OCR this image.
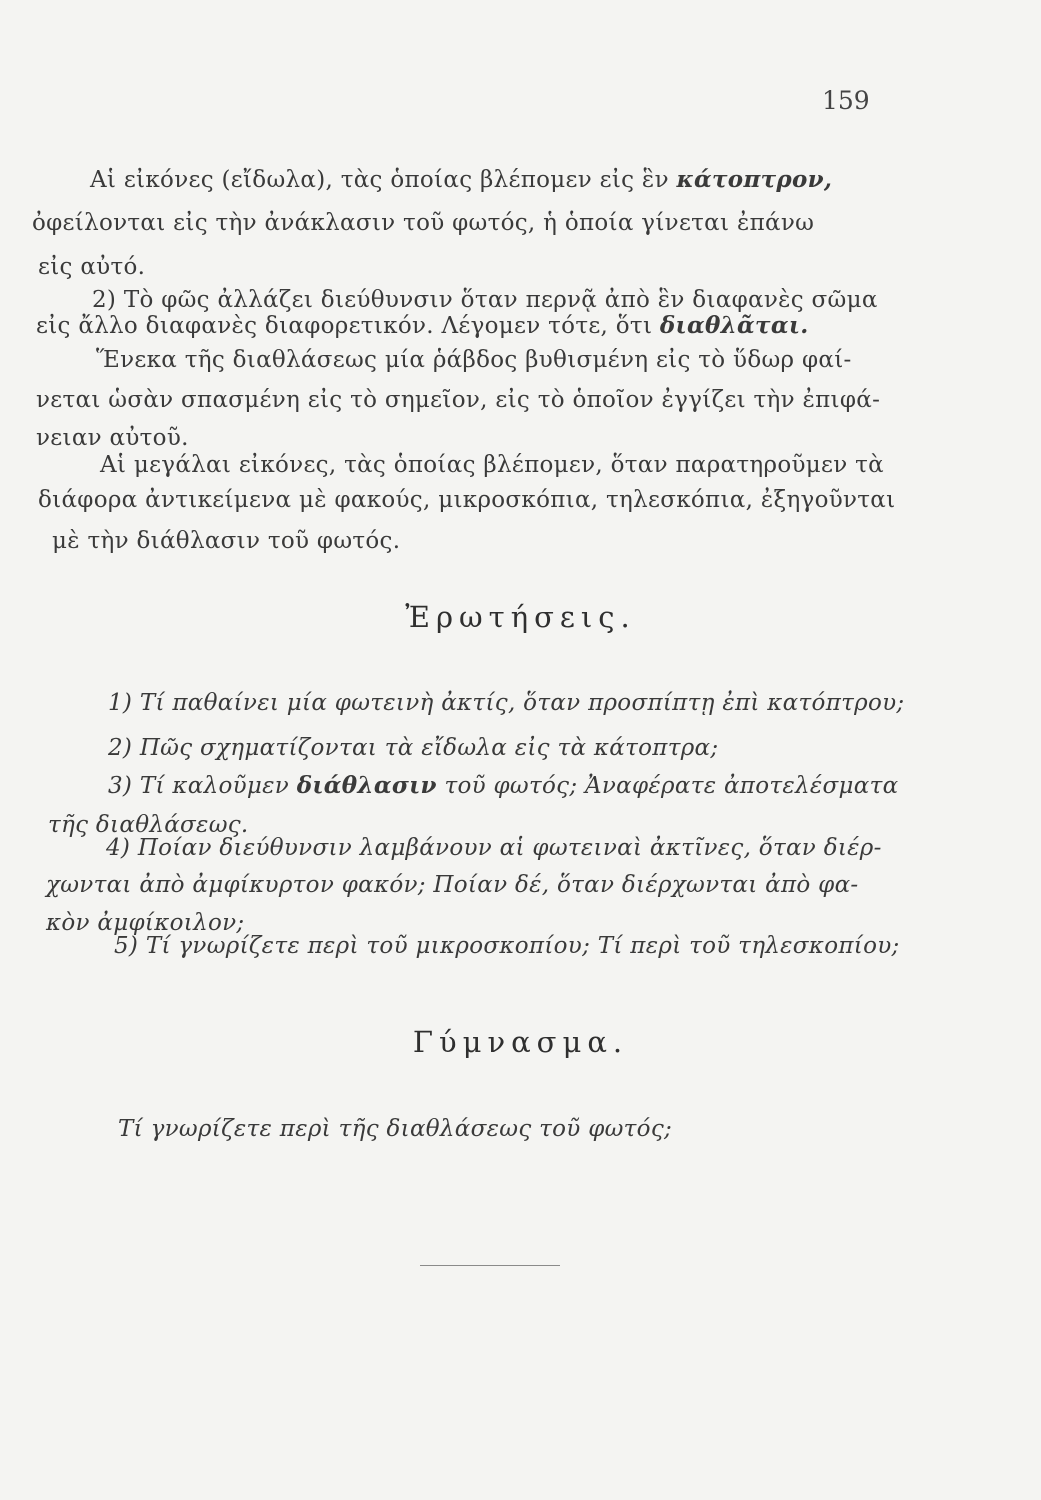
159
Αἱ εἰκόνες (εἴδωλα), τὰς ὁποίας βλέπομεν εἰς ἓν κάτοπτρον,
ὀφείλονται εἰς τὴν ἀνάκλασιν τοῦ φωτός, ἡ ὁποία γίνεται ἐπάνω
εἰς αὐτό.
2) Τὸ φῶς ἀλλάζει διεύθυνσιν ὅταν περνᾷ ἀπὸ ἓν διαφανὲς σῶμα
εἰς ἄλλο διαφανὲς διαφορετικόν. Λέγομεν τότε, ὅτι διαθλᾶται.
Ἕνεκα τῆς διαθλάσεως μία ῥάβδος βυθισμένη εἰς τὸ ὕδωρ φαί-
νεται ὡσὰν σπασμένη εἰς τὸ σημεῖον, εἰς τὸ ὁποῖον ἐγγίζει τὴν ἐπιφά-
νειαν αὐτοῦ.
Αἱ μεγάλαι εἰκόνες, τὰς ὁποίας βλέπομεν, ὅταν παρατηροῦμεν τὰ
διάφορα ἀντικείμενα μὲ φακούς, μικροσκόπια, τηλεσκόπια, ἐξηγοῦνται
μὲ τὴν διάθλασιν τοῦ φωτός.
Ἐρωτήσεις.
1) Τί παθαίνει μία φωτεινὴ ἀκτίς, ὅταν προσπίπτῃ ἐπὶ κατόπτρου;
2) Πῶς σχηματίζονται τὰ εἴδωλα εἰς τὰ κάτοπτρα;
3) Τί καλοῦμεν διάθλασιν τοῦ φωτός; Ἀναφέρατε ἀποτελέσματα
τῆς διαθλάσεως.
4) Ποίαν διεύθυνσιν λαμβάνουν αἱ φωτειναὶ ἀκτῖνες, ὅταν διέρ-
χωνται ἀπὸ ἀμφίκυρτον φακόν; Ποίαν δέ, ὅταν διέρχωνται ἀπὸ φα-
κὸν ἀμφίκοιλον;
5) Τί γνωρίζετε περὶ τοῦ μικροσκοπίου; Τί περὶ τοῦ τηλεσκοπίου;
Γύμνασμα.
Τί γνωρίζετε περὶ τῆς διαθλάσεως τοῦ φωτός;
